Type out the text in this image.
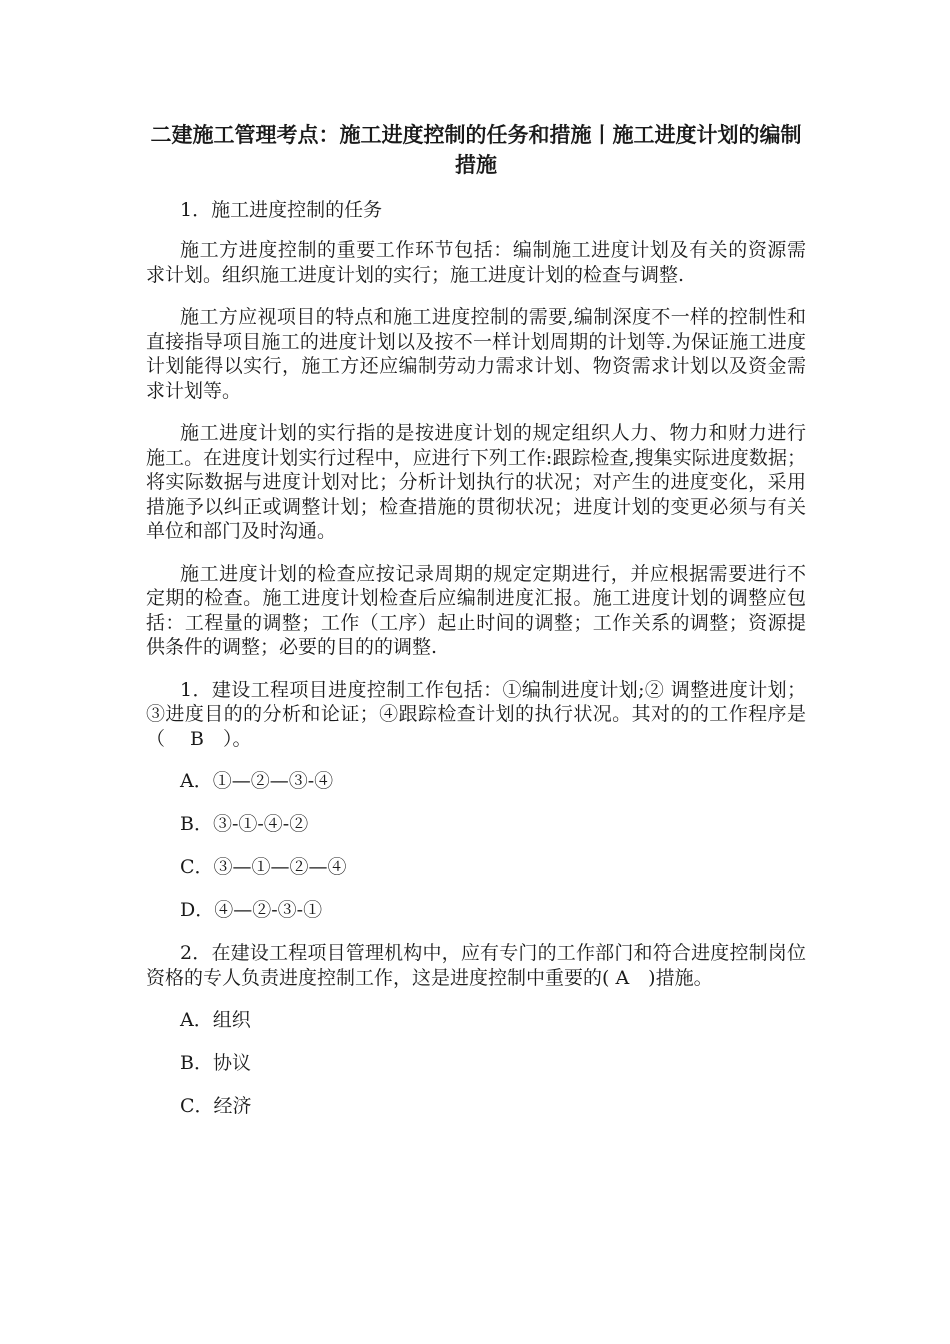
二建施工管理考点：施工进度控制的任务和措施丨施工进度计划的编制措施

1．施工进度控制的任务

施工方进度控制的重要工作环节包括：编制施工进度计划及有关的资源需求计划。组织施工进度计划的实行；施工进度计划的检查与调整.

施工方应视项目的特点和施工进度控制的需要,编制深度不一样的控制性和直接指导项目施工的进度计划以及按不一样计划周期的计划等.为保证施工进度计划能得以实行，施工方还应编制劳动力需求计划、物资需求计划以及资金需求计划等。

施工进度计划的实行指的是按进度计划的规定组织人力、物力和财力进行施工。在进度计划实行过程中，应进行下列工作:跟踪检查,搜集实际进度数据；将实际数据与进度计划对比；分析计划执行的状况；对产生的进度变化，采用措施予以纠正或调整计划；检查措施的贯彻状况；进度计划的变更必须与有关单位和部门及时沟通。

施工进度计划的检查应按记录周期的规定定期进行，并应根据需要进行不定期的检查。施工进度计划检查后应编制进度汇报。施工进度计划的调整应包括：工程量的调整；工作（工序）起止时间的调整；工作关系的调整；资源提供条件的调整；必要的目的的调整.

1．建设工程项目进度控制工作包括：①编制进度计划;② 调整进度计划；③进度目的的分析和论证；④跟踪检查计划的执行状况。其对的的工作程序是（　 B　）。

A．①—②—③-④
B．③-①-④-②
C．③—①—②—④
D．④—②-③-①

2．在建设工程项目管理机构中，应有专门的工作部门和符合进度控制岗位资格的专人负责进度控制工作，这是进度控制中重要的( A　)措施。

A．组织
B．协议
C．经济
